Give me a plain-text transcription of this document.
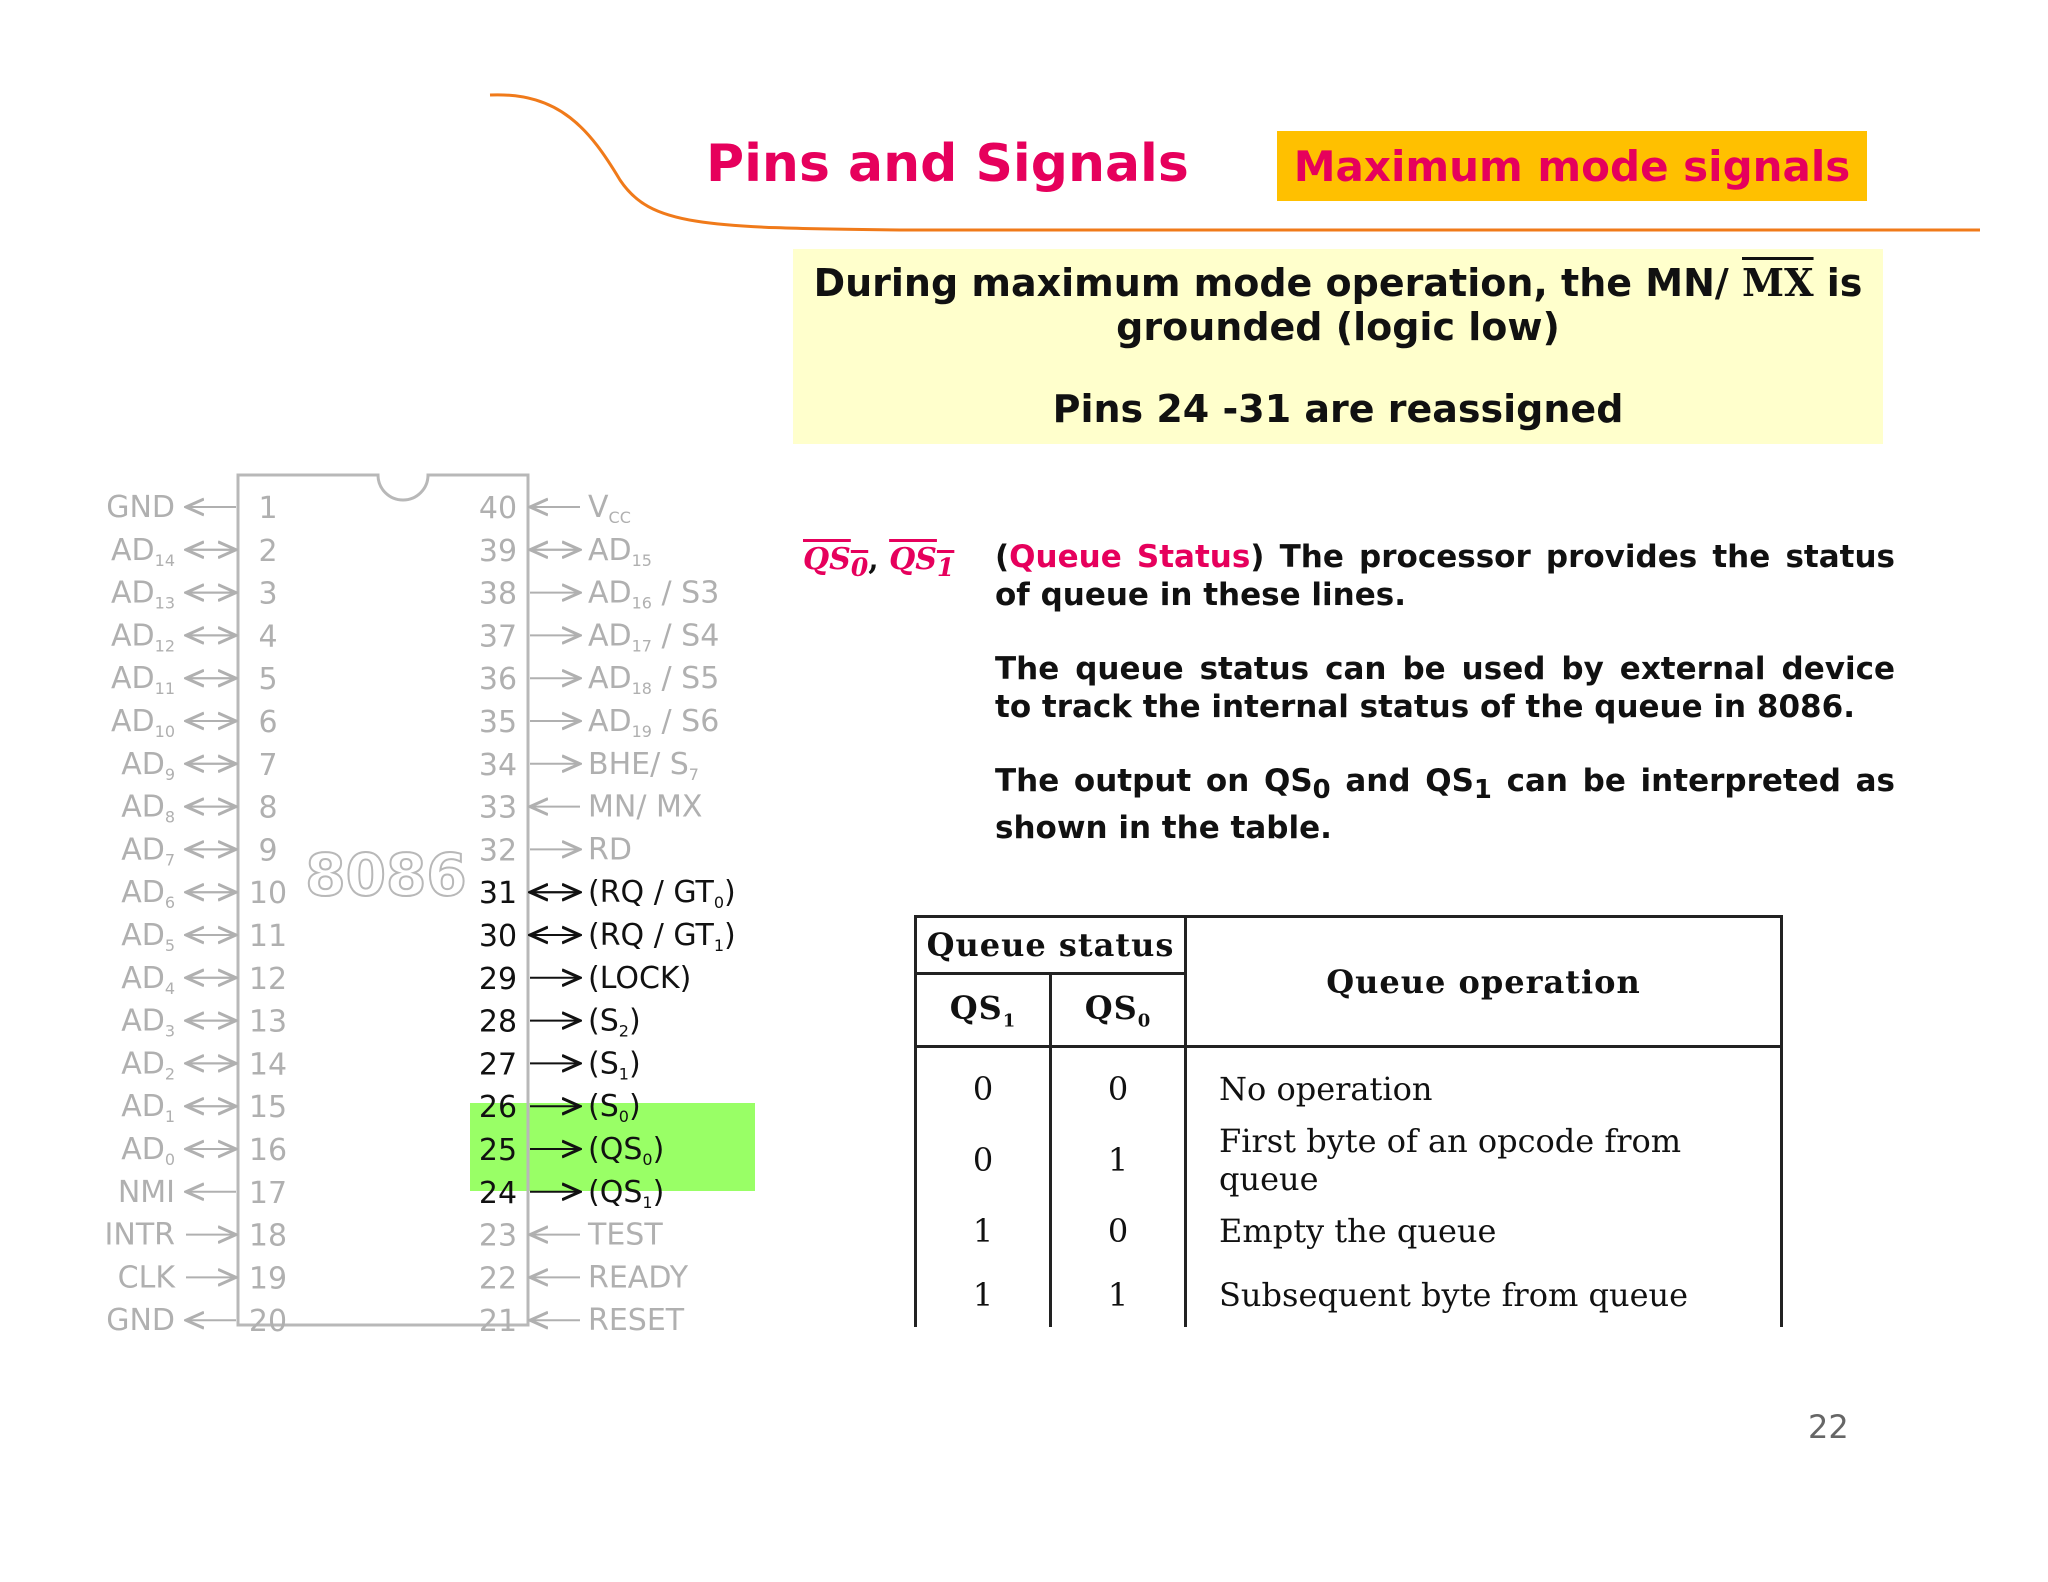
Pins and Signals Maximum mode signals
During maximum mode operation, the MN/ $\overline{MX}$ is
grounded (logic low)
Pins 24 -31 are reassigned
8086
GND	1
$AD_{14}$	2
$AD_{13}$	3
$AD_{12}$	4
$AD_{11}$	5
$AD_{10}$	6
$AD_9$	7
$AD_8$	8
$AD_7$	9
$AD_6$ 10
$AD_5$ 11
$AD_4$ 12
$AD_3$ 13
$AD_2$ 14
$AD_1$ 15
$AD_0$ 16
NMI 17
INTR 18
CLK 19
GND 20
40 $V_{CC}$
39 $AD_{15}$
38 $AD_{16} / S3$
37 $AD_{17} / S4$
36 $AD_{18} / S5$
35 $AD_{19} / S6$
34 BHE/ $S_7$
33 MN/ MX
32 RD
31 $(RQ / GT_0)$
30 $(RQ / GT_1)$
29 (LOCK)
28 $(S_2)$
27 $(S_1)$
26 $(S_0)$
25 $(QS_0)$
24 $(QS_1)$
23 TEST
22 READY
21 RESET
$QS_0$, $QS_1$ (Queue Status) The processor provides the status of queue in these lines.
The queue status can be used by external device to track the internal status of the queue in 8086.
The output on $QS_0$ and $QS_1$ can be interpreted as shown in the table.
Queue status		Queue operation
$QS_1$	$QS_0$
0	0	No operation
0	1	First byte of an opcode from queue
1	0	Empty the queue
1	1	Subsequent byte from queue
22
